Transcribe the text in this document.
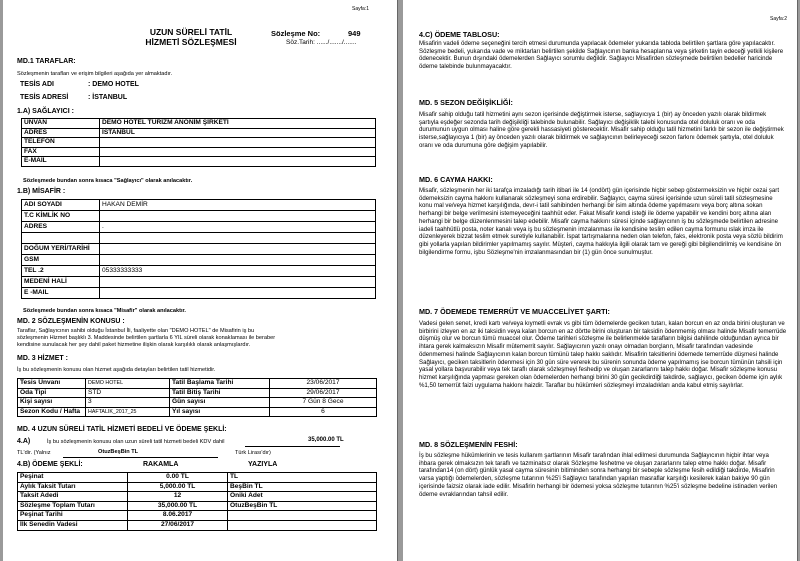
Sayfa:1
UZUN SÜRELİ TATİL
HİZMETİ SÖZLEŞMESİ
Sözleşme No:	949
Söz.Tarih: ....../......./.......
MD.1 TARAFLAR:
Sözleşmenin tarafları ve erişim bilgileri aşağıda yer almaktadır.
TESİS ADI	: DEMO HOTEL
TESİS ADRESİ	: İSTANBUL
1.A) SAĞLAYICI :
UNVAN	DEMO HOTEL TURİZM ANONİM ŞİRKETİ
ADRES	İSTANBUL
TELEFON	
FAX	
E-MAIL	
Sözleşmede bundan sonra kısaca "Sağlayıcı" olarak anılacaktır.
1.B) MİSAFİR :
ADI SOYADI	HAKAN DEMİR
T.C KİMLİK NO	
ADRES	.

DOĞUM YERİ/TARİHİ	
GSM	
TEL .2	05333333333
MEDENİ HALİ	
E -MAIL	
Sözleşmede bundan sonra kısaca "Misafir" olarak anılacaktır.
MD. 2 SÖZLEŞMENİN KONUSU :
Taraflar, Sağlayıcının sahibi olduğu İstanbul İli, faaliyette olan "DEMO HOTEL" de Misafirin iş bu
sözleşmenin Hizmet başlıklı 3. Maddesinde belirtilen şartlarla 6 YIL süreli olarak konaklaması ile beraber
kendisine sunulacak her şey dahil paket hizmetine ilişkin olarak karşılıklı olarak anlaşmışlardır.
MD. 3 HİZMET :
İş bu sözleşmenin konusu olan hizmet aşağıda detayları belirtilen tatil hizmetidir.
Tesis Unvanı	DEMO HOTEL	Tatil Başlama Tarihi	23/06/2017
Oda Tipi	STD	Tatil Bitiş Tarihi	29/06/2017
Kişi sayısı	3	Gün sayısı	7 Gün 8 Gece
Sezon Kodu / Hafta	HAFTALIK_2017_25	Yıl sayısı	6
MD. 4 UZUN SÜRELİ TATİL HİZMETİ BEDELİ VE ÖDEME ŞEKLİ:
4.A)	İş bu sözleşmenin konusu olan uzun süreli tatil hizmeti bedeli KDV dahil	35,000.00 TL
TL'dir. (Yalnız	OtuzBeşBin TL	Türk Lirası'dır)
4.B) ÖDEME ŞEKLİ:	RAKAMLA	YAZIYLA
Peşinat	0.00 TL	TL
Aylık Taksit Tutarı	5,000.00 TL	BeşBin TL
Taksit Adedi	12	Oniki Adet
Sözleşme Toplam Tutarı	35,000.00 TL	OtuzBeşBin TL
Peşinat Tarihi	8.06.2017	
İlk Senedin Vadesi	27/06/2017	
Sayfa:2
4.C) ÖDEME TABLOSU:
Misafirin vadeli ödeme seçeneğini tercih etmesi durumunda yapılacak ödemeler yukarıda tabloda belirtilen şartlara göre yapılacaktır. Sözleşme bedeli, yukarıda vade ve miktarları belirtilen şekilde Sağlayıcının banka hesaplarına veya şirketin tayin edeceği yetkili kişilere ödenecektir. Bunun dışındaki ödemelerden Sağlayıcı sorumlu değildir. Sağlayıcı Misafirden sözleşmede belirtilen bedeller haricinde ödeme talebinde bulunmayacaktır.
MD. 5 SEZON DEĞİŞİKLİĞİ:
Misafir sahip olduğu tatil hizmetini aynı sezon içerisinde değiştirmek isterse, sağlayıcıya 1 (bir) ay önceden yazılı olarak bildirmek şartıyla eşdeğer sezonda tarih değişikliği talebinde bulunabilir. Sağlayıcı değişiklik talebi konusunda otel doluluk oranı ve oda durumunun uygun olması haline göre gerekli hassasiyeti gösterecektir. Misafir sahip olduğu tatil hizmetini farklı bir sezon ile değiştirmek isterse,sağlayıcıya 1 (bir) ay önceden yazılı olarak bildirmek ve sağlayıcının belirleyeceği sezon farkını ödemek şartıyla, otel doluluk oranı ve oda durumuna göre değişim yapılabilir.
MD. 6 CAYMA HAKKI:
Misafir, sözleşmenin her iki tarafça imzaladığı tarih itibari ile 14 (ondört) gün içerisinde hiçbir sebep göstermeksizin ve hiçbir cezai şart ödemeksizin cayma hakkını kullanarak sözleşmeyi sona erdirebilir. Sağlayıcı, cayma süresi içerisinde uzun süreli tatil sözleşmesine konu mal ve/veya hizmet karşılığında, devr-i tatil sahibinden herhangi bir isim altında ödeme yapılmasını veya borç altına sokan herhangi bir belge verilmesini istemeyeceğini taahhüt eder. Fakat Misafir kendi isteği ile ödeme yapabilir ve kendini borç altına alan herhangi bir belge düzenlenmesini talep edebilir. Misafir cayma hakkını süresi içinde sağlayıcının iş bu sözleşmede belirtilen adresine iadeli taahhütlü posta, noter kanalı veya iş bu sözleşmenin imzalanması ile kendisine teslim edilen cayma formunu ıslak imza ile düzenleyerek bizzat teslim etmek suretiyle kullanabilir. İspat tartışmalarına neden olan telefon, faks, elektronik posta veya sözlü bildirim gibi yollarla yapılan bildirimler yapılmamış sayılır. Müşteri, cayma hakkıyla ilgili olarak tam ve gereği gibi bilgilendirilmiş ve kendisine ön bilgilendirme formu, işbu Sözleşme'nin imzalanmasından bir (1) gün önce sunulmuştur.
MD. 7 ÖDEMEDE TEMERRÜT VE MUACCELİYET ŞARTI:
Vadesi gelen senet, kredi kartı ve/veya kıymetli evrak vs gibi tüm ödemelerde geciken tutarı, kalan borcun en az onda birini oluşturan ve birbirini izleyen en az iki taksidin veya kalan borcun en az dörtte birini oluşturan bir taksidin ödenmemiş olması halinde Misafir temerrüde düşmüş olur ve borcun tümü muaccel olur. Ödeme tarihleri sözleşme ile belirlenmekle tarafların bilgisi dahilinde olduğundan ayrıca bir ihtara gerek kalmaksızın Misafir mütemerrit sayılır. Sağlayıcının yazılı onayı olmadan borçların, Misafir tarafından vadesinde ödenmemesi halinde Sağlayıcının kalan borcun tümünü talep hakkı saklıdır. Misafirin taksitlerini ödemede temerrüde düşmesi halinde Sağlayıcı, geciken taksitlerin ödenmesi için 30 gün süre vererek bu sürenin sonunda ödeme yapılmamış ise borcun tümünün tahsili için yasal yollara başvurabilir veya tek taraflı olarak sözleşmeyi feshedip ve oluşan zararlarını talep hakkı doğar. Misafir sözleşme konusu hizmet karşılığında yapması gereken olan ödemelerden herhangi birini 30 gün gecikdirdiği takdirde, sağlayıcı, geciken ödeme için aylık %1,50 temerrüt faizi uygulama hakkını haizdir. Taraflar bu hükümleri sözleşmeyi imzaladıkları anda kabul etmiş sayılırlar.
MD. 8 SÖZLEŞMENİN FESHİ:
İş bu sözleşme hükümlerinin ve tesis kullanım şartlarının Misafir tarafından ihlal edilmesi durumunda Sağlayıcının hiçbir ihtar veya ihbara gerek olmaksızın tek taraflı ve tazminatsız olarak Sözleşme feshetme ve oluşan zararlarını talep etme hakkı doğar. Misafir tarafından14 (on dört) günlük yasal cayma süresinin bitiminden sonra herhangi bir sebeple sözleşme fesih edildiği takdirde, Misafirin varsa yaptığı ödemelerden, sözleşme tutarının %25'i Sağlayıcı tarafından yapılan masraflar karşılığı kesilerek kalan bakiye 90 gün içerisinde faizsiz olarak iade edilir. Misafirin herhangi bir ödemesi yoksa sözleşme tutarının %25'i sözleşme bedeline istinaden verilen ödeme evraklarından tahsil edilir.
